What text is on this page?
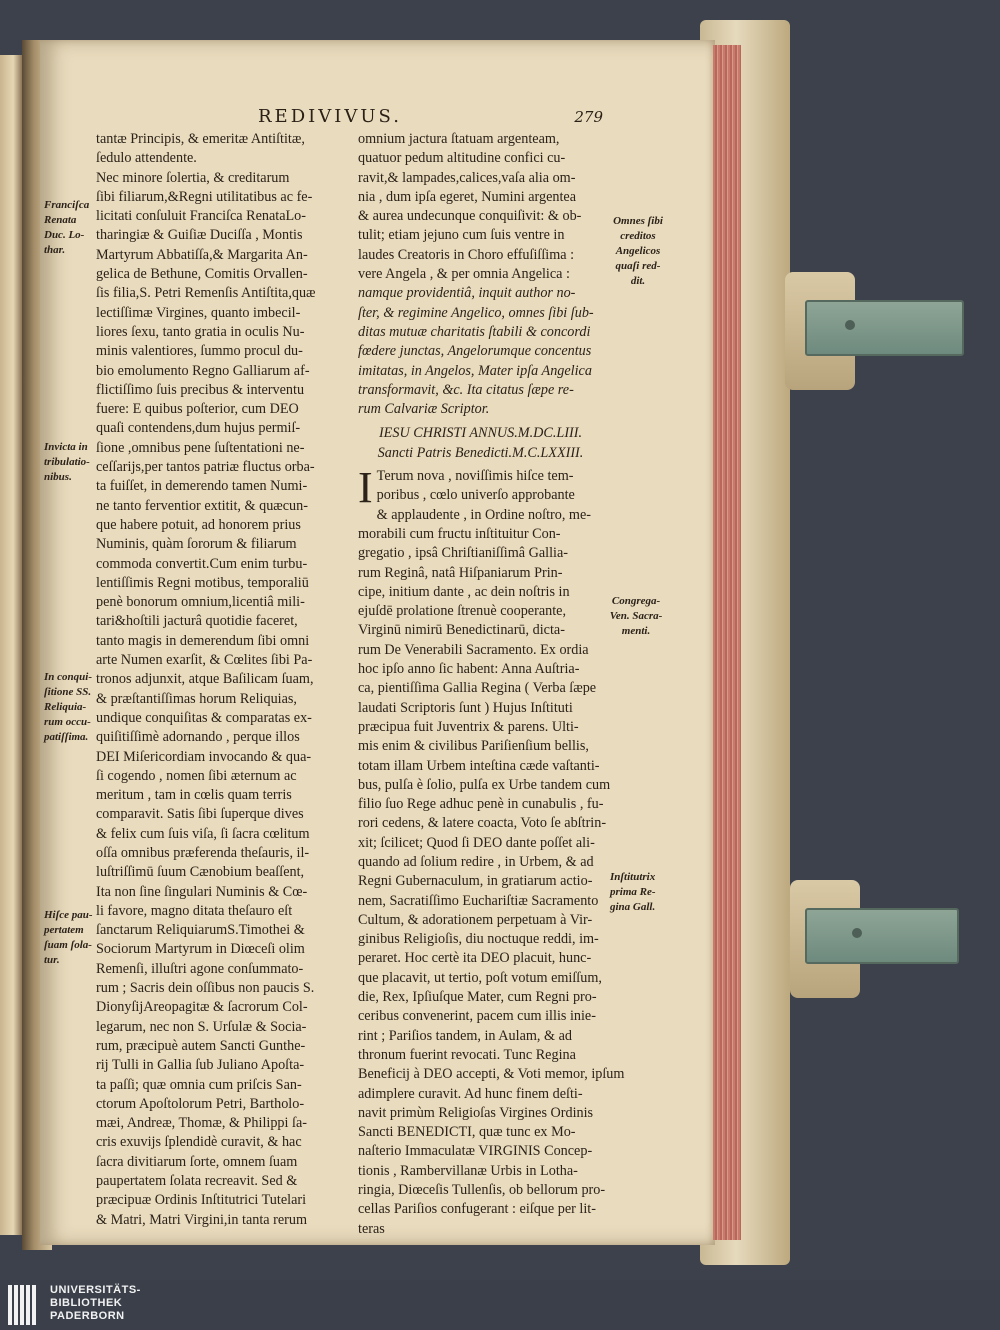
REDIVIVUS.	279
tantæ Principis, & emeritæ Antiſtitæ,
ſedulo attendente.
Nec minore ſolertia, & creditarum
ſibi filiarum,&Regni utilitatibus ac fe-
licitati conſuluit Franciſca RenataLo-
tharingiæ & Guiſiæ Duciſſa , Montis
Martyrum Abbatiſſa,& Margarita An-
gelica de Bethune, Comitis Orvallen-
ſis filia,S. Petri Remenſis Antiſtita,quæ
lectiſſimæ Virgines, quanto imbecil-
liores ſexu, tanto gratia in oculis Nu-
minis valentiores, ſummo procul du-
bio emolumento Regno Galliarum af-
flictiſſimo ſuis precibus & interventu
fuere: E quibus poſterior, cum DEO
quaſi contendens,dum hujus permiſ-
ſione ,omnibus pene ſuſtentationi ne-
ceſſarijs,per tantos patriæ fluctus orba-
ta fuiſſet, in demerendo tamen Numi-
ne tanto ferventior extitit, & quæcun-
que habere potuit, ad honorem prius
Numinis, quàm ſororum & filiarum
commoda convertit.Cum enim turbu-
lentiſſimis Regni motibus, temporaliū
penè bonorum omnium,licentiâ mili-
tari&hoſtili jacturâ quotidie faceret,
tanto magis in demerendum ſibi omni
arte Numen exarſit, & Cœlites ſibi Pa-
tronos adjunxit, atque Baſilicam ſuam,
& præſtantiſſimas horum Reliquias,
undique conquiſitas & comparatas ex-
quiſitiſſimè adornando , perque illos
DEI Miſericordiam invocando & qua-
ſi cogendo , nomen ſibi æternum ac
meritum , tam in cœlis quam terris
comparavit. Satis ſibi ſuperque dives
& felix cum ſuis viſa, ſi ſacra cœlitum
oſſa omnibus præferenda theſauris, il-
luſtriſſimū ſuum Cænobium beaſſent,
Ita non ſine ſingulari Numinis & Cœ-
li favore, magno ditata theſauro eſt
ſanctarum ReliquiarumS.Timothei &
Sociorum Martyrum in Diœceſi olim
Remenſi, illuſtri agone conſummato-
rum ; Sacris dein oſſibus non paucis S.
DionyſijAreopagitæ & ſacrorum Col-
legarum, nec non S. Urſulæ & Socia-
rum, præcipuè autem Sancti Gunthe-
rij Tulli in Gallia ſub Juliano Apoſta-
ta paſſi; quæ omnia cum priſcis San-
ctorum Apoſtolorum Petri, Bartholo-
mæi, Andreæ, Thomæ, & Philippi ſa-
cris exuvijs ſplendidè curavit, & hac
ſacra divitiarum ſorte, omnem ſuam
paupertatem ſolata recreavit. Sed &
præcipuæ Ordinis Inſtitutrici Tutelari
& Matri, Matri Virgini,in tanta rerum
omnium jactura ſtatuam argenteam,
quatuor pedum altitudine confici cu-
ravit,& lampades,calices,vaſa alia om-
nia , dum ipſa egeret, Numini argentea
& aurea undecunque conquiſivit: & ob-
tulit; etiam jejuno cum ſuis ventre in
laudes Creatoris in Choro effuſiſſima :
vere Angela , & per omnia Angelica :
namque providentiâ, inquit author no-
ſter, & regimine Angelico, omnes ſibi ſub-
ditas mutuæ charitatis ſtabili & concordi
fœdere junctas, Angelorumque concentus
imitatas, in Angelos, Mater ipſa Angelica
transformavit, &c. Ita citatus ſæpe re-
rum Calvariæ Scriptor.
IESU CHRISTI ANNUS.M.DC.LIII.
Sancti Patris Benedicti.M.C.LXXIII.
I Terum nova , noviſſimis hiſce tem-
poribus , cœlo univerſo approbante
& applaudente , in Ordine noſtro, me-
morabili cum fructu inſtituitur Con-
gregatio , ipsâ Chriſtianiſſimâ Gallia-
rum Reginâ, natâ Hiſpaniarum Prin-
cipe, initium dante , ac dein noſtris in
ejuſdē prolatione ſtrenuè cooperante,
Virginū nimirū Benedictinarū, dicta-
rum De Venerabili Sacramento. Ex ordia
hoc ipſo anno ſic habent: Anna Auſtria-
ca, pientiſſima Gallia Regina ( Verba ſæpe
laudati Scriptoris ſunt ) Hujus Inſtituti
præcipua fuit Juventrix & parens. Ulti-
mis enim & civilibus Pariſienſium bellis,
totam illam Urbem inteſtina cæde vaſtanti-
bus, pulſa è ſolio, pulſa ex Urbe tandem cum
filio ſuo Rege adhuc penè in cunabulis , fu-
rori cedens, & latere coacta, Voto ſe abſtrin-
xit; ſcilicet; Quod ſi DEO dante poſſet ali-
quando ad ſolium redire , in Urbem, & ad
Regni Gubernaculum, in gratiarum actio-
nem, Sacratiſſimo Euchariſtiæ Sacramento
Cultum, & adorationem perpetuam à Vir-
ginibus Religioſis, diu noctuque reddi, im-
peraret. Hoc certè ita DEO placuit, hunc-
que placavit, ut tertio, poſt votum emiſſum,
die, Rex, Ipſiuſque Mater, cum Regni pro-
ceribus convenerint, pacem cum illis inie-
rint ; Pariſios tandem, in Aulam, & ad
thronum fuerint revocati. Tunc Regina
Beneficij à DEO accepti, & Voti memor, ipſum
adimplere curavit. Ad hunc finem deſti-
navit primùm Religioſas Virgines Ordinis
Sancti BENEDICTI, quæ tunc ex Mo-
naſterio Immaculatæ VIRGINIS Concep-
tionis , Rambervillanæ Urbis in Lotha-
ringia, Diœceſis Tullenſis, ob bellorum pro-
cellas Pariſios confugerant : eiſque per lit-
teras
Franciſca
Renata
Duc. Lo-
thar.
Invicta in
tribulatio-
nibus.
In conqui-
ſitione SS.
Reliquia-
rum occu-
patiſſima.
Hiſce pau-
pertatem
ſuam ſola-
tur.
Omnes ſibi
creditos
Angelicos
quaſi red-
dit.
Congrega-
Ven. Sacra-
menti.
Inſtitutrix
prima Re-
gina Gall.
UNIVERSITÄTS-
BIBLIOTHEK
PADERBORN
